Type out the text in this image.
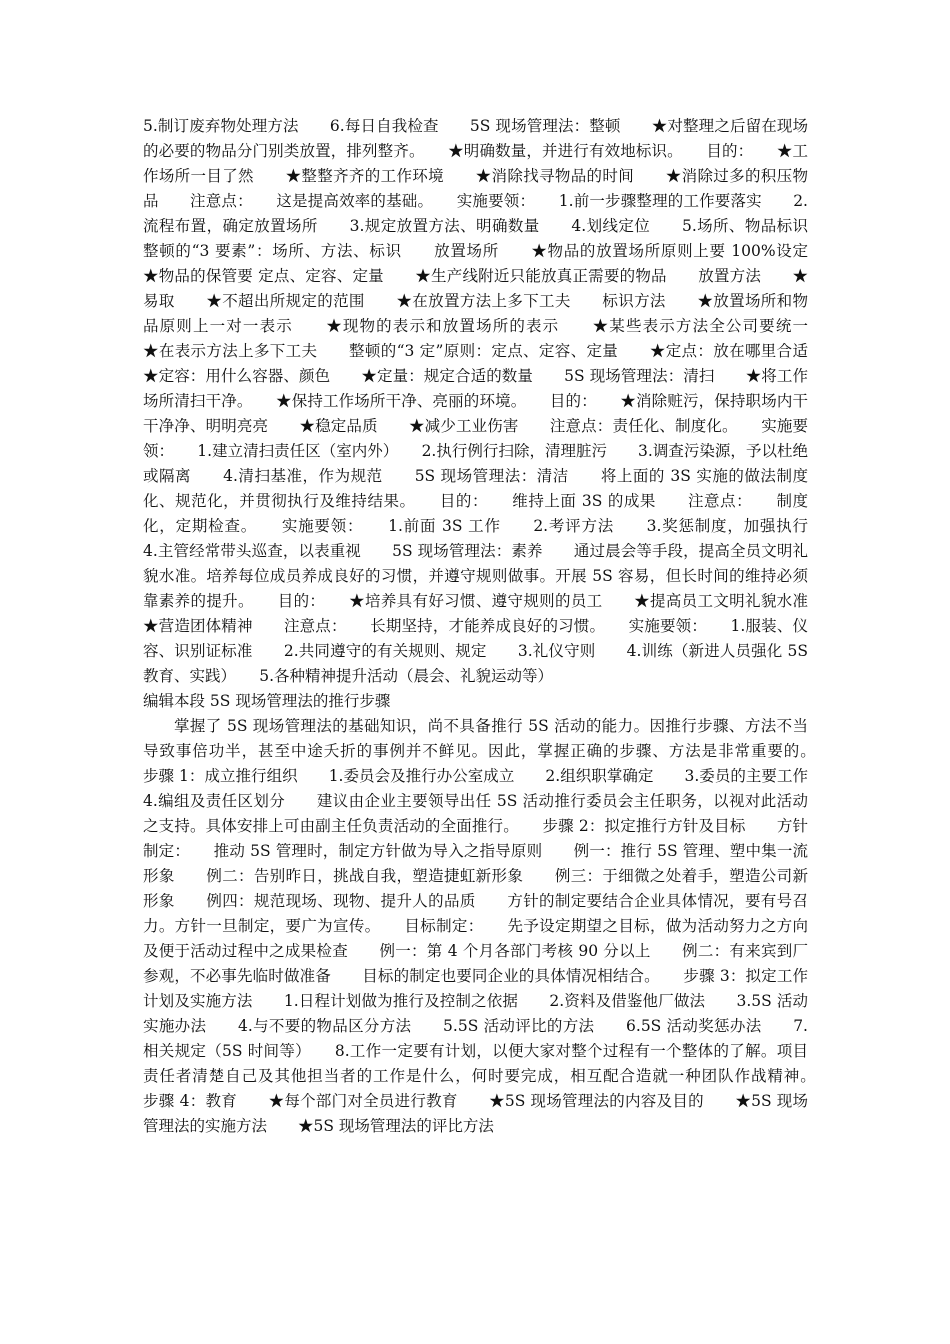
5.制订废弃物处理方法　　6.每日自我检查　　5S 现场管理法：整顿　　★对整理之后留在现场的必要的物品分门别类放置，排列整齐。　　★明确数量，并进行有效地标识。　　目的：　　★工作场所一目了然　　★整整齐齐的工作环境　　★消除找寻物品的时间　　★消除过多的积压物品　　注意点：　　这是提高效率的基础。　　实施要领：　　1.前一步骤整理的工作要落实　　2.流程布置，确定放置场所　　3.规定放置方法、明确数量　　4.划线定位　　5.场所、物品标识　　整顿的“3 要素”：场所、方法、标识　　放置场所　　★物品的放置场所原则上要 100%设定　　★物品的保管要 定点、定容、定量　　★生产线附近只能放真正需要的物品　　放置方法　　★易取　　★不超出所规定的范围　　★在放置方法上多下工夫　　标识方法　　★放置场所和物品原则上一对一表示　　★现物的表示和放置场所的表示　　★某些表示方法全公司要统一　　★在表示方法上多下工夫　　整顿的“3 定”原则：定点、定容、定量　　★定点：放在哪里合适　　★定容：用什么容器、颜色　　★定量：规定合适的数量　　5S 现场管理法：清扫　　★将工作场所清扫干净。　　★保持工作场所干净、亮丽的环境。　　目的：　　★消除赃污，保持职场内干干净净、明明亮亮　　★稳定品质　　★减少工业伤害　　注意点：责任化、制度化。　　实施要领：　　1.建立清扫责任区（室内外）　　2.执行例行扫除，清理脏污　　3.调查污染源，予以杜绝或隔离　　4.清扫基准，作为规范　　5S 现场管理法：清洁　　将上面的 3S 实施的做法制度化、规范化，并贯彻执行及维持结果。　　目的：　　维持上面 3S 的成果　　注意点：　　制度化，定期检查。　　实施要领：　　1.前面 3S 工作　　2.考评方法　　3.奖惩制度，加强执行　　4.主管经常带头巡查，以表重视　　5S 现场管理法：素养　　通过晨会等手段，提高全员文明礼貌水准。培养每位成员养成良好的习惯，并遵守规则做事。开展 5S 容易，但长时间的维持必须靠素养的提升。　　目的：　　★培养具有好习惯、遵守规则的员工　　★提高员工文明礼貌水准　　★营造团体精神　　注意点：　　长期坚持，才能养成良好的习惯。　　实施要领：　　1.服装、仪容、识别证标准　　2.共同遵守的有关规则、规定　　3.礼仪守则　　4.训练（新进人员强化 5S 教育、实践）　　5.各种精神提升活动（晨会、礼貌运动等）

编辑本段 5S 现场管理法的推行步骤

掌握了 5S 现场管理法的基础知识，尚不具备推行 5S 活动的能力。因推行步骤、方法不当导致事倍功半，甚至中途夭折的事例并不鲜见。因此，掌握正确的步骤、方法是非常重要的。　　步骤 1：成立推行组织　　1.委员会及推行办公室成立　　2.组织职掌确定　　3.委员的主要工作　　4.编组及责任区划分　　建议由企业主要领导出任 5S 活动推行委员会主任职务，以视对此活动之支持。具体安排上可由副主任负责活动的全面推行。　　步骤 2：拟定推行方针及目标　　方针制定：　　推动 5S 管理时，制定方针做为导入之指导原则　　例一：推行 5S 管理、塑中集一流形象　　例二：告别昨日，挑战自我，塑造捷虹新形象　　例三：于细微之处着手，塑造公司新形象　　例四：规范现场、现物、提升人的品质　　方针的制定要结合企业具体情况，要有号召力。方针一旦制定，要广为宣传。　　目标制定：　　先予设定期望之目标，做为活动努力之方向及便于活动过程中之成果检查　　例一：第 4 个月各部门考核 90 分以上　　例二：有来宾到厂参观，不必事先临时做准备　　目标的制定也要同企业的具体情况相结合。　　步骤 3：拟定工作计划及实施方法　　1.日程计划做为推行及控制之依据　　2.资料及借鉴他厂做法　　3.5S 活动实施办法　　4.与不要的物品区分方法　　5.5S 活动评比的方法　　6.5S 活动奖惩办法　　7.相关规定（5S 时间等）　　8.工作一定要有计划，以便大家对整个过程有一个整体的了解。项目责任者清楚自己及其他担当者的工作是什么，何时要完成，相互配合造就一种团队作战精神。　　步骤 4：教育　　★每个部门对全员进行教育　　★5S 现场管理法的内容及目的　　★5S 现场管理法的实施方法　　★5S 现场管理法的评比方法
